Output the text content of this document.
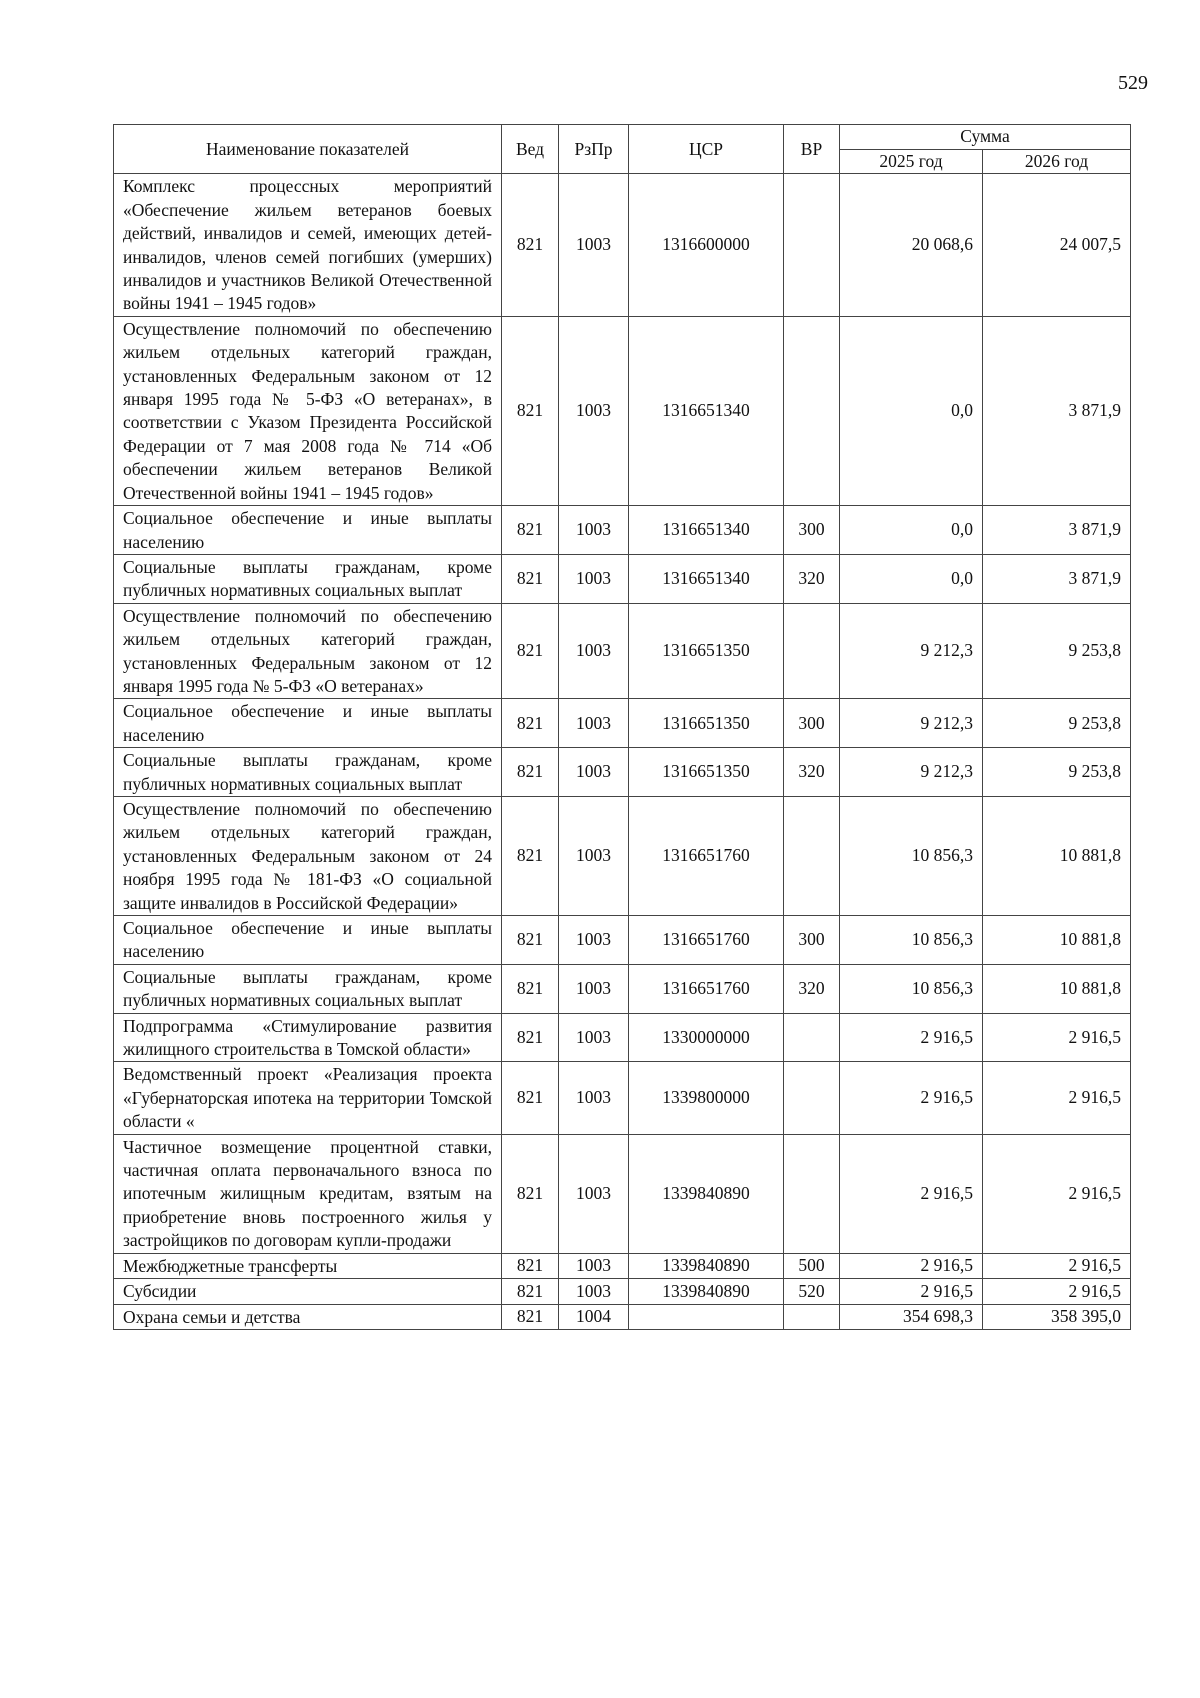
529
Наименование показателей	Вед	РзПр	ЦСР	ВР	Сумма	
					2025 год	2026 год
Комплекс процессных мероприятий «Обеспечение жильем ветеранов боевых действий, инвалидов и семей, имеющих детей-инвалидов, членов семей погибших (умерших) инвалидов и участников Великой Отечественной войны 1941 – 1945 годов»	821	1003	1316600000		20 068,6	24 007,5
Осуществление полномочий по обеспечению жильем отдельных категорий граждан, установленных Федеральным законом от 12 января 1995 года № 5-ФЗ «О ветеранах», в соответствии с Указом Президента Российской Федерации от 7 мая 2008 года № 714 «Об обеспечении жильем ветеранов Великой Отечественной войны 1941 – 1945 годов»	821	1003	1316651340		0,0	3 871,9
Социальное обеспечение и иные выплаты населению	821	1003	1316651340	300	0,0	3 871,9
Социальные выплаты гражданам, кроме публичных нормативных социальных выплат	821	1003	1316651340	320	0,0	3 871,9
Осуществление полномочий по обеспечению жильем отдельных категорий граждан, установленных Федеральным законом от 12 января 1995 года № 5-ФЗ «О ветеранах»	821	1003	1316651350		9 212,3	9 253,8
Социальное обеспечение и иные выплаты населению	821	1003	1316651350	300	9 212,3	9 253,8
Социальные выплаты гражданам, кроме публичных нормативных социальных выплат	821	1003	1316651350	320	9 212,3	9 253,8
Осуществление полномочий по обеспечению жильем отдельных категорий граждан, установленных Федеральным законом от 24 ноября 1995 года № 181-ФЗ «О социальной защите инвалидов в Российской Федерации»	821	1003	1316651760		10 856,3	10 881,8
Социальное обеспечение и иные выплаты населению	821	1003	1316651760	300	10 856,3	10 881,8
Социальные выплаты гражданам, кроме публичных нормативных социальных выплат	821	1003	1316651760	320	10 856,3	10 881,8
Подпрограмма «Стимулирование развития жилищного строительства в Томской области»	821	1003	1330000000		2 916,5	2 916,5
Ведомственный проект «Реализация проекта «Губернаторская ипотека на территории Томской области «	821	1003	1339800000		2 916,5	2 916,5
Частичное возмещение процентной ставки, частичная оплата первоначального взноса по ипотечным жилищным кредитам, взятым на приобретение вновь построенного жилья у застройщиков по договорам купли-продажи	821	1003	1339840890		2 916,5	2 916,5
Межбюджетные трансферты	821	1003	1339840890	500	2 916,5	2 916,5
Субсидии	821	1003	1339840890	520	2 916,5	2 916,5
Охрана семьи и детства	821	1004			354 698,3	358 395,0
